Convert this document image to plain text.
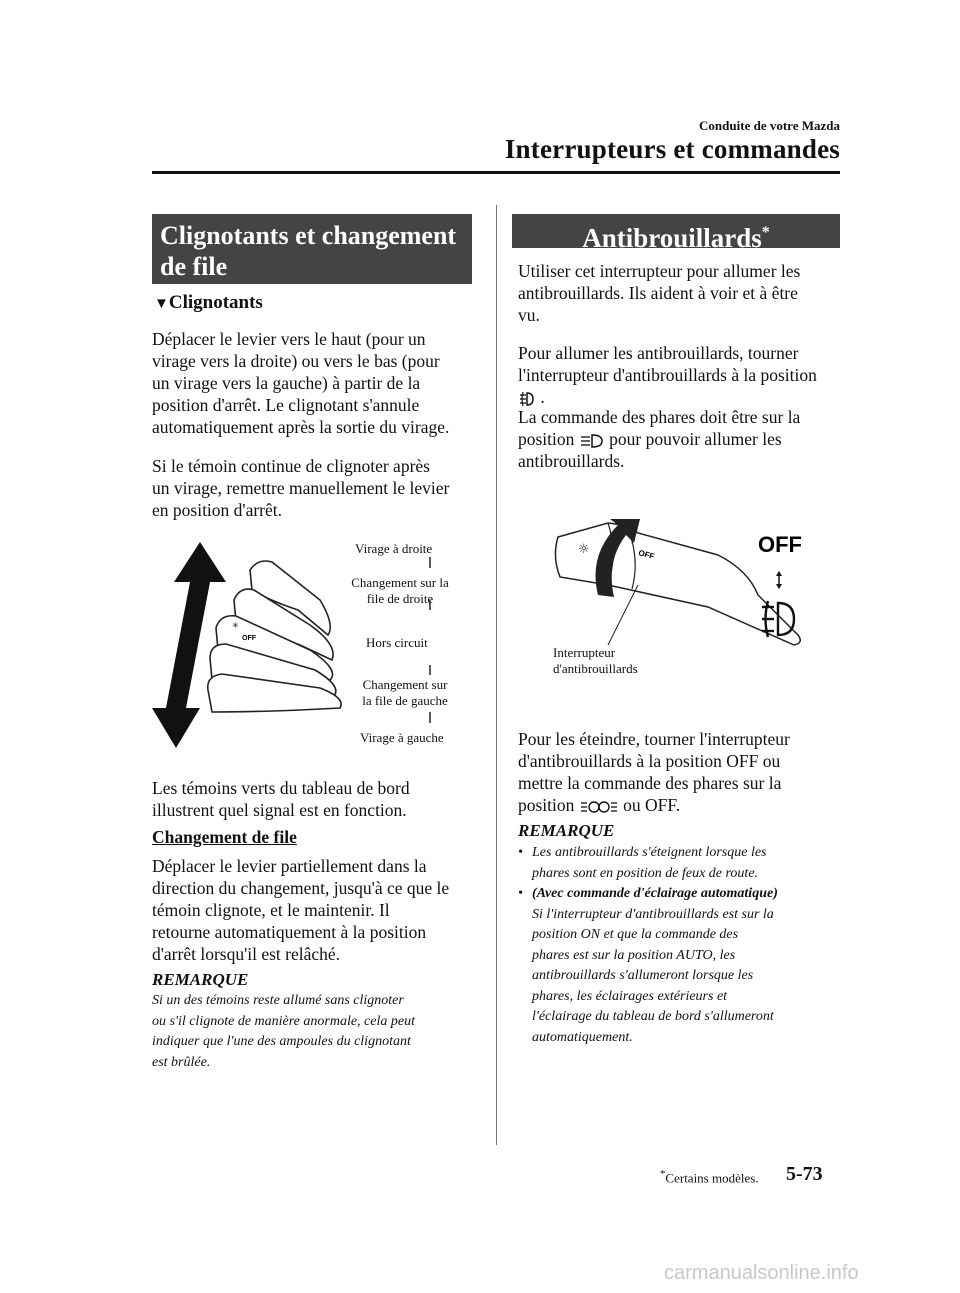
Conduite de votre Mazda
Interrupteurs et commandes
Clignotants et changement
de file
▼Clignotants
Déplacer le levier vers le haut (pour un
virage vers la droite) ou vers le bas (pour
un virage vers la gauche) à partir de la
position d'arrêt. Le clignotant s'annule
automatiquement après la sortie du virage.
Si le témoin continue de clignoter après
un virage, remettre manuellement le levier
en position d'arrêt.
OFF
✳
Virage à droite
Changement sur la
file de droite
Hors circuit
Changement sur
la file de gauche
Virage à gauche
Les témoins verts du tableau de bord
illustrent quel signal est en fonction.
Changement de file
Déplacer le levier partiellement dans la
direction du changement, jusqu'à ce que le
témoin clignote, et le maintenir. Il
retourne automatiquement à la position
d'arrêt lorsqu'il est relâché.
REMARQUE
Si un des témoins reste allumé sans clignoter
ou s'il clignote de manière anormale, cela peut
indiquer que l'une des ampoules du clignotant
est brûlée.
Antibrouillards*
Utiliser cet interrupteur pour allumer les
antibrouillards. Ils aident à voir et à être
vu.
Pour allumer les antibrouillards, tourner
l'interrupteur d'antibrouillards à la position
.
La commande des phares doit être sur la
position pour pouvoir allumer les
antibrouillards.
☼	OFF	OFF
Interrupteur
d'antibrouillards
Pour les éteindre, tourner l'interrupteur
d'antibrouillards à la position OFF ou
mettre la commande des phares sur la
position	ou OFF.
REMARQUE
• Les antibrouillards s'éteignent lorsque les
phares sont en position de feux de route.
• (Avec commande d'éclairage automatique)
Si l'interrupteur d'antibrouillards est sur la
position ON et que la commande des
phares est sur la position AUTO, les
antibrouillards s'allumeront lorsque les
phares, les éclairages extérieurs et
l'éclairage du tableau de bord s'allumeront
automatiquement.
*Certains modèles. 5-73
carmanualsonline.info
